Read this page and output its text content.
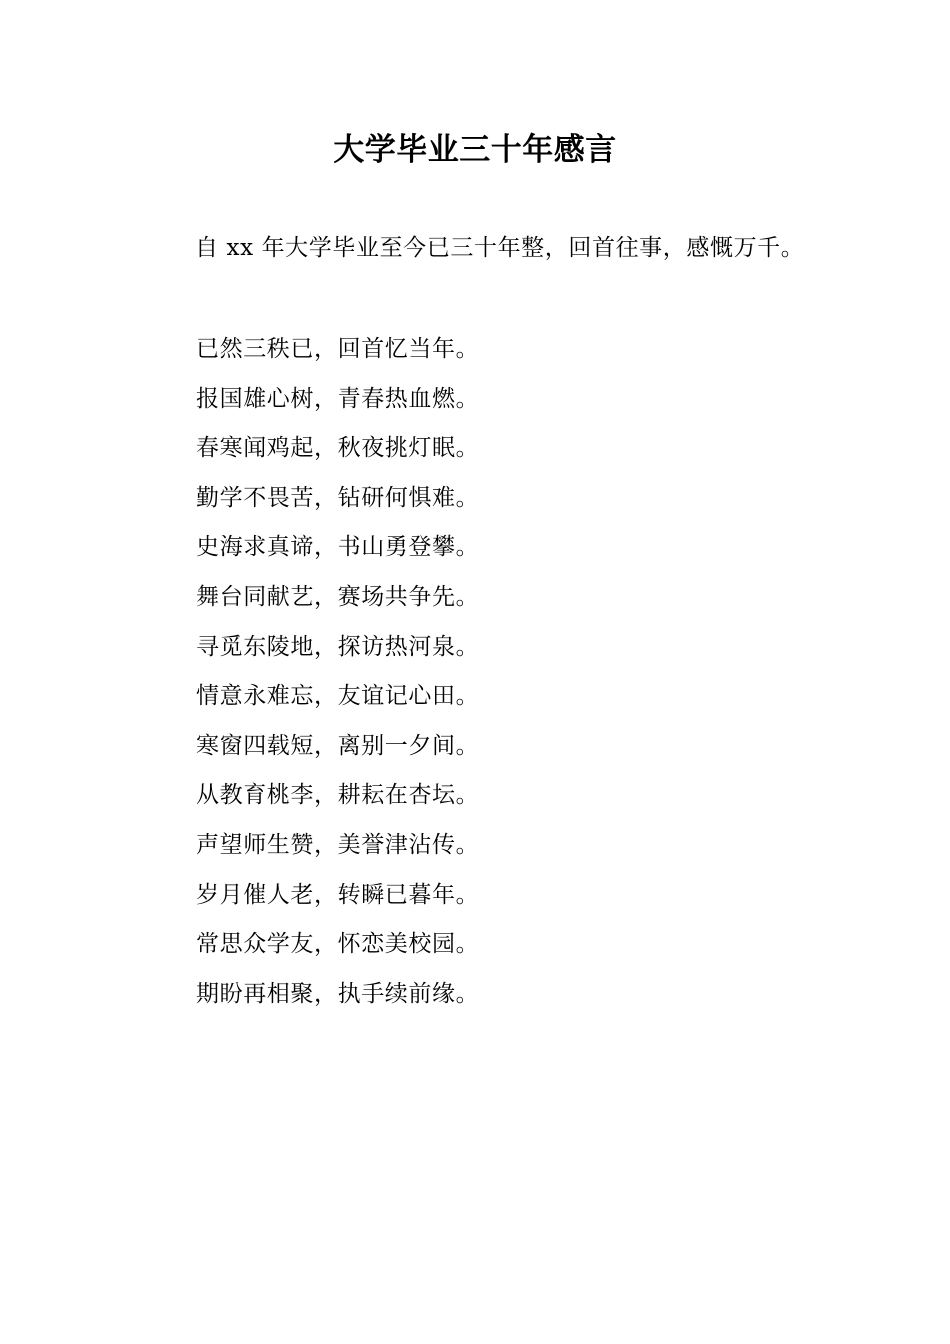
大学毕业三十年感言

自 xx 年大学毕业至今已三十年整，回首往事，感慨万千。

已然三秩已，回首忆当年。
报国雄心树，青春热血燃。
春寒闻鸡起，秋夜挑灯眠。
勤学不畏苦，钻研何惧难。
史海求真谛，书山勇登攀。
舞台同献艺，赛场共争先。
寻觅东陵地，探访热河泉。
情意永难忘，友谊记心田。
寒窗四载短，离别一夕间。
从教育桃李，耕耘在杏坛。
声望师生赞，美誉津沾传。
岁月催人老，转瞬已暮年。
常思众学友，怀恋美校园。
期盼再相聚，执手续前缘。
